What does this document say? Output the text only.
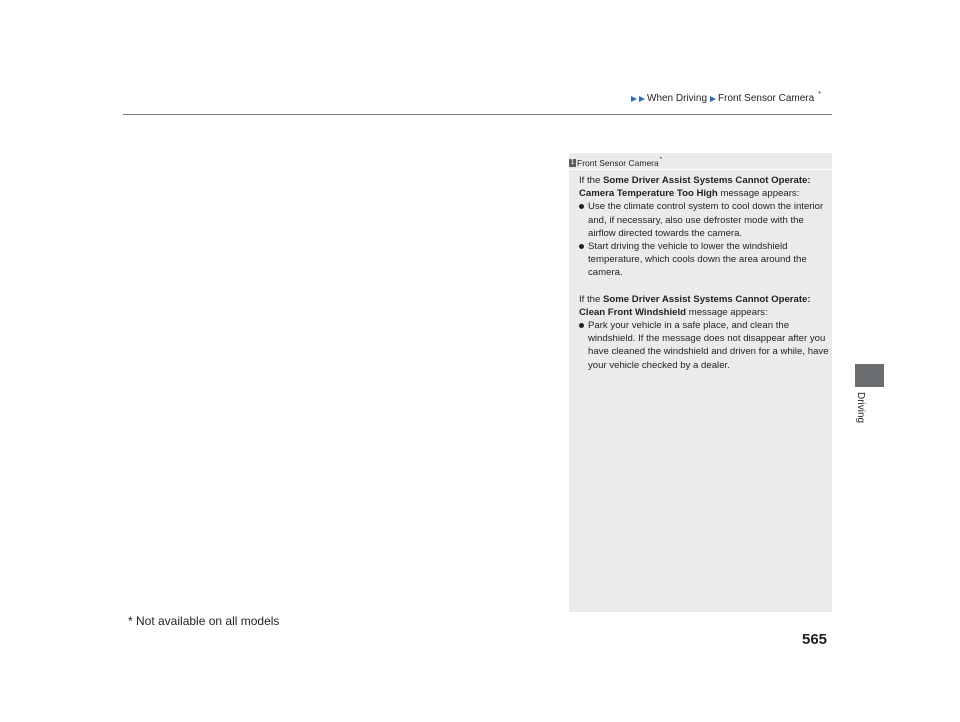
When Driving Front Sensor Camera *
Driving
1 Front Sensor Camera *

If the Some Driver Assist Systems Cannot Operate: Camera Temperature Too High message appears:

Use the climate control system to cool down the interior and, if necessary, also use defroster mode with the airflow directed towards the camera.

Start driving the vehicle to lower the windshield temperature, which cools down the area around the camera.

If the Some Driver Assist Systems Cannot Operate: Clean Front Windshield message appears:

Park your vehicle in a safe place, and clean the windshield. If the message does not disappear after you have cleaned the windshield and driven for a while, have your vehicle checked by a dealer.

* Not available on all models
565
